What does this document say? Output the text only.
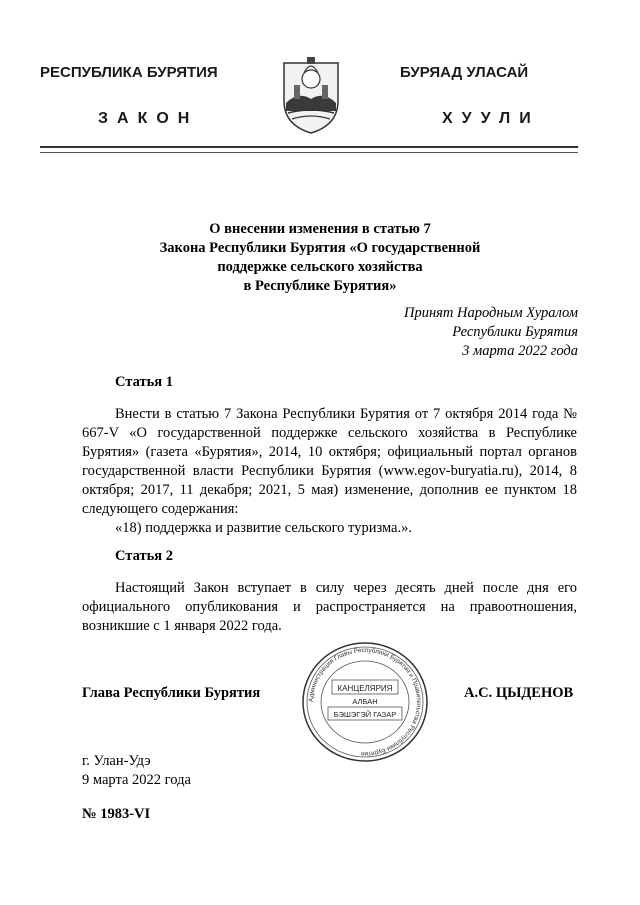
РЕСПУБЛИКА БУРЯТИЯ	БУРЯАД УЛАСАЙ
ЗАКОН	ХУУЛИ
О внесении изменения в статью 7
Закона Республики Бурятия «О государственной
поддержке сельского хозяйства
в Республике Бурятия»
Принят Народным Хуралом
Республики Бурятия
3 марта 2022 года
Статья 1

Внести в статью 7 Закона Республики Бурятия от 7 октября 2014 года № 667-V «О государственной поддержке сельского хозяйства в Республике Бурятия» (газета «Бурятия», 2014, 10 октября; официальный портал органов государственной власти Республики Бурятия (www.egov-buryatia.ru), 2014, 8 октября; 2017, 11 декабря; 2021, 5 мая) изменение, дополнив ее пунктом 18 следующего содержания:

«18) поддержка и развитие сельского туризма.».

Статья 2

Настоящий Закон вступает в силу через десять дней после дня его официального опубликования и распространяется на правоотношения, возникшие с 1 января 2022 года.

Глава Республики Бурятия	А.С. ЦЫДЕНОВ
Администрация Главы Республики Бурятия и Правительства Республики Бурятия
КАНЦЕЛЯРИЯ
АЛБАН
БЭШЭГЭЙ ГАЗАР
г. Улан-Удэ
9 марта 2022 года
№ 1983-VI
